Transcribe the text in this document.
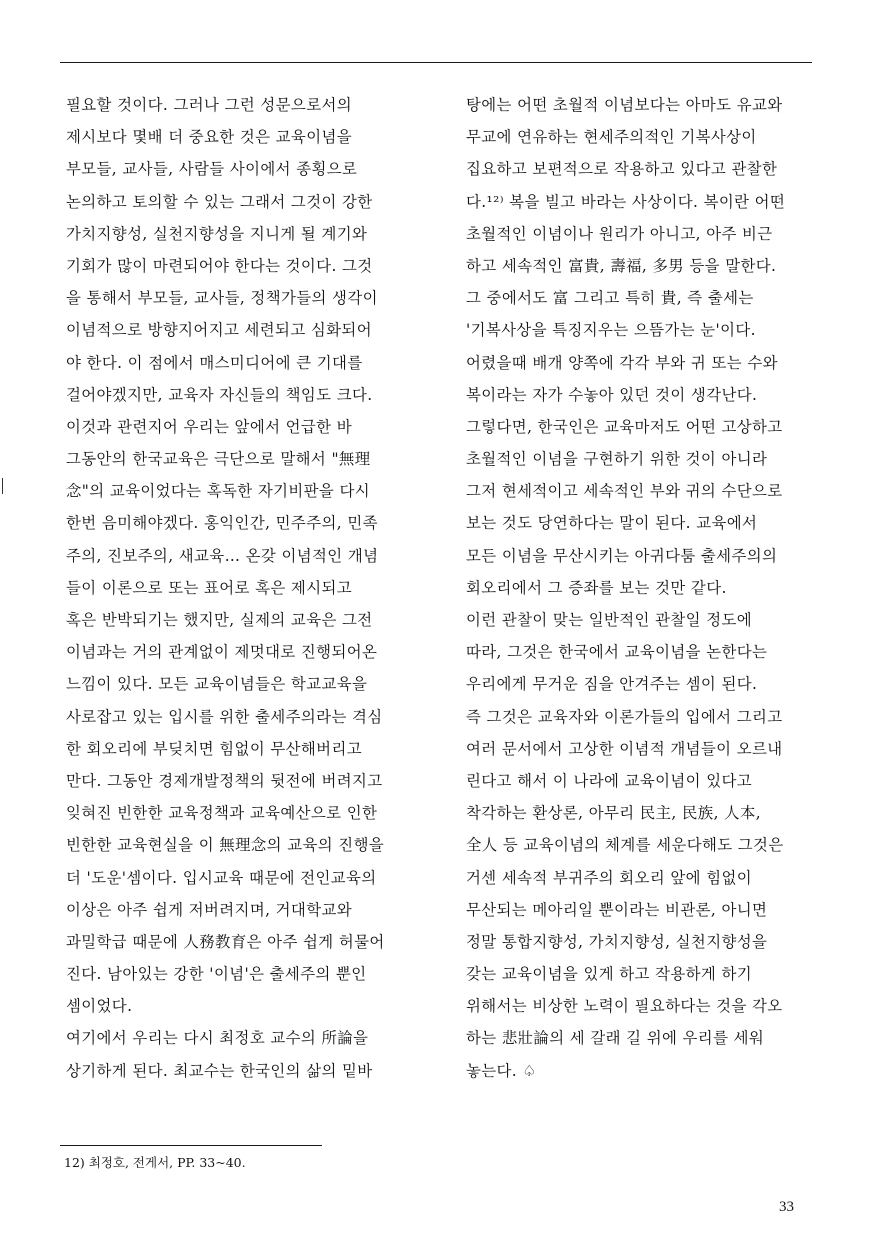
필요할 것이다. 그러나 그런 성문으로서의
제시보다 몇배 더 중요한 것은 교육이념을
부모들, 교사들, 사람들 사이에서 종횡으로
논의하고 토의할 수 있는 그래서 그것이 강한
가치지향성, 실천지향성을 지니게 될 계기와
기회가 많이 마련되어야 한다는 것이다. 그것
을 통해서 부모들, 교사들, 정책가들의 생각이
이념적으로 방향지어지고 세련되고 심화되어
야 한다. 이 점에서 매스미디어에 큰 기대를
걸어야겠지만, 교육자 자신들의 책임도 크다.
이것과 관련지어 우리는 앞에서 언급한 바
그동안의 한국교육은 극단으로 말해서 "無理
念"의 교육이었다는 혹독한 자기비판을 다시
한번 음미해야겠다. 홍익인간, 민주주의, 민족
주의, 진보주의, 새교육… 온갖 이념적인 개념
들이 이론으로 또는 표어로 혹은 제시되고
혹은 반박되기는 했지만, 실제의 교육은 그전
이념과는 거의 관계없이 제멋대로 진행되어온
느낌이 있다. 모든 교육이념들은 학교교육을
사로잡고 있는 입시를 위한 출세주의라는 격심
한 회오리에 부딪치면 힘없이 무산해버리고
만다. 그동안 경제개발정책의 뒷전에 버려지고
잊혀진 빈한한 교육정책과 교육예산으로 인한
빈한한 교육현실을 이 無理念의 교육의 진행을
더 '도운'셈이다. 입시교육 때문에 전인교육의
이상은 아주 쉽게 저버려지며, 거대학교와
과밀학급 때문에 人務教育은 아주 쉽게 허물어
진다. 남아있는 강한 '이념'은 출세주의 뿐인
셈이었다.
여기에서 우리는 다시 최정호 교수의 所論을
상기하게 된다. 최교수는 한국인의 삶의 밑바
탕에는 어떤 초월적 이념보다는 아마도 유교와
무교에 연유하는 현세주의적인 기복사상이
집요하고 보편적으로 작용하고 있다고 관찰한
다.¹²⁾ 복을 빌고 바라는 사상이다. 복이란 어떤
초월적인 이념이나 원리가 아니고, 아주 비근
하고 세속적인 富貴, 壽福, 多男 등을 말한다.
그 중에서도 富 그리고 특히 貴, 즉 출세는
'기복사상을 특징지우는 으뜸가는 눈'이다.
어렸을때 배개 양쪽에 각각 부와 귀 또는 수와
복이라는 자가 수놓아 있던 것이 생각난다.
그렇다면, 한국인은 교육마저도 어떤 고상하고
초월적인 이념을 구현하기 위한 것이 아니라
그저 현세적이고 세속적인 부와 귀의 수단으로
보는 것도 당연하다는 말이 된다. 교육에서
모든 이념을 무산시키는 아귀다툼 출세주의의
회오리에서 그 증좌를 보는 것만 같다.
이런 관찰이 맞는 일반적인 관찰일 정도에
따라, 그것은 한국에서 교육이념을 논한다는
우리에게 무거운 짐을 안겨주는 셈이 된다.
즉 그것은 교육자와 이론가들의 입에서 그리고
여러 문서에서 고상한 이념적 개념들이 오르내
린다고 해서 이 나라에 교육이념이 있다고
착각하는 환상론, 아무리 民主, 民族, 人本,
全人 등 교육이념의 체계를 세운다해도 그것은
거센 세속적 부귀주의 회오리 앞에 힘없이
무산되는 메아리일 뿐이라는 비관론, 아니면
정말 통합지향성, 가치지향성, 실천지향성을
갖는 교육이념을 있게 하고 작용하게 하기
위해서는 비상한 노력이 필요하다는 것을 각오
하는 悲壯論의 세 갈래 길 위에 우리를 세워
놓는다. ♤
12) 최정호, 전게서, PP. 33~40.
33
